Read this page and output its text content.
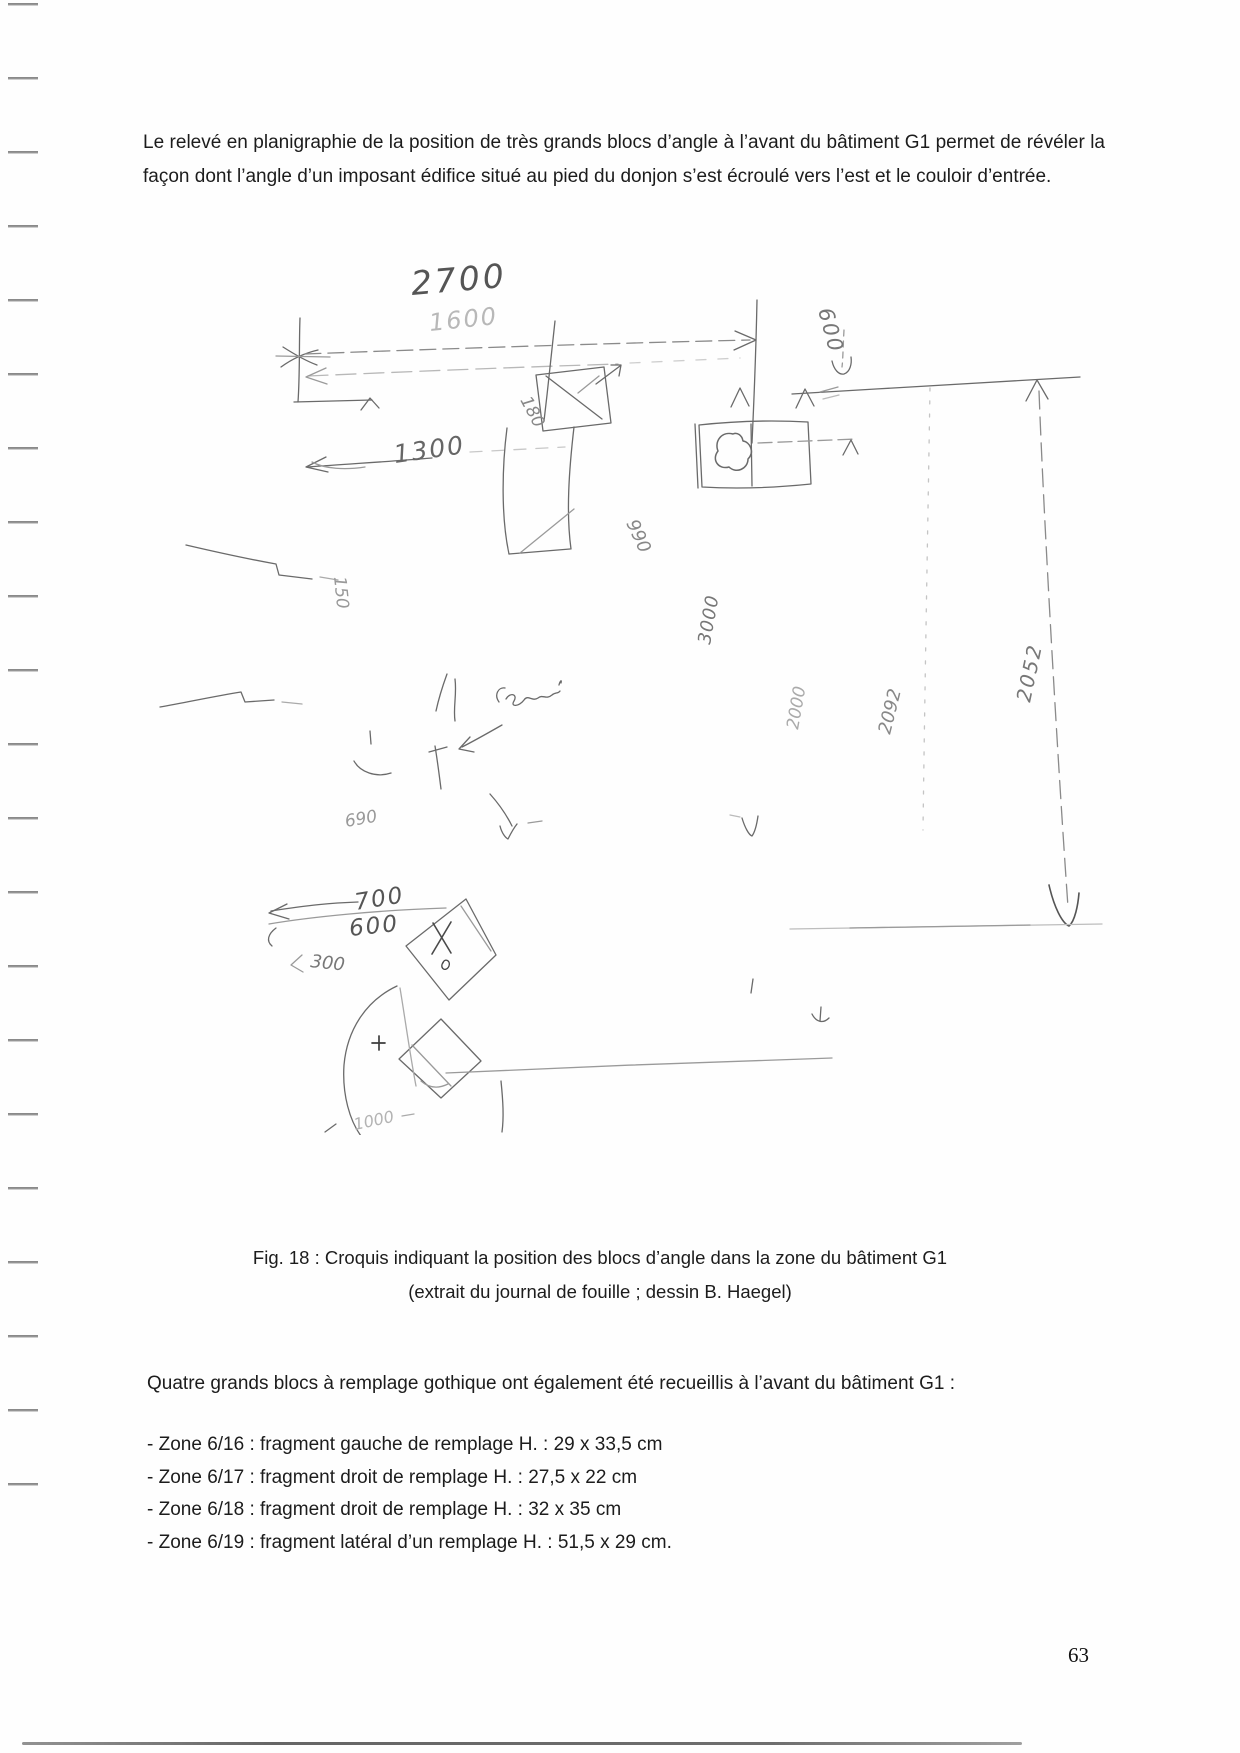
Le relevé en planigraphie de la position de très grands blocs d’angle à l’avant du bâtiment G1 permet de révéler la façon dont l’angle d’un imposant édifice situé au pied du donjon s’est écroulé vers l’est et le couloir d’entrée.
2700
1600
1300
600
180
150
990
3000
2000	2092
2052
690
700
600
300
1000
Fig. 18 : Croquis indiquant la position des blocs d’angle dans la zone du bâtiment G1
(extrait du journal de fouille ; dessin B. Haegel)
Quatre grands blocs à remplage gothique ont également été recueillis à l’avant du bâtiment G1 :
- Zone 6/16 : fragment gauche de remplage H. : 29 x 33,5 cm
- Zone 6/17 : fragment droit de remplage H. : 27,5 x 22 cm
- Zone 6/18 : fragment droit de remplage H. : 32 x 35 cm
- Zone 6/19 : fragment latéral d’un remplage H. : 51,5 x 29 cm.
63
